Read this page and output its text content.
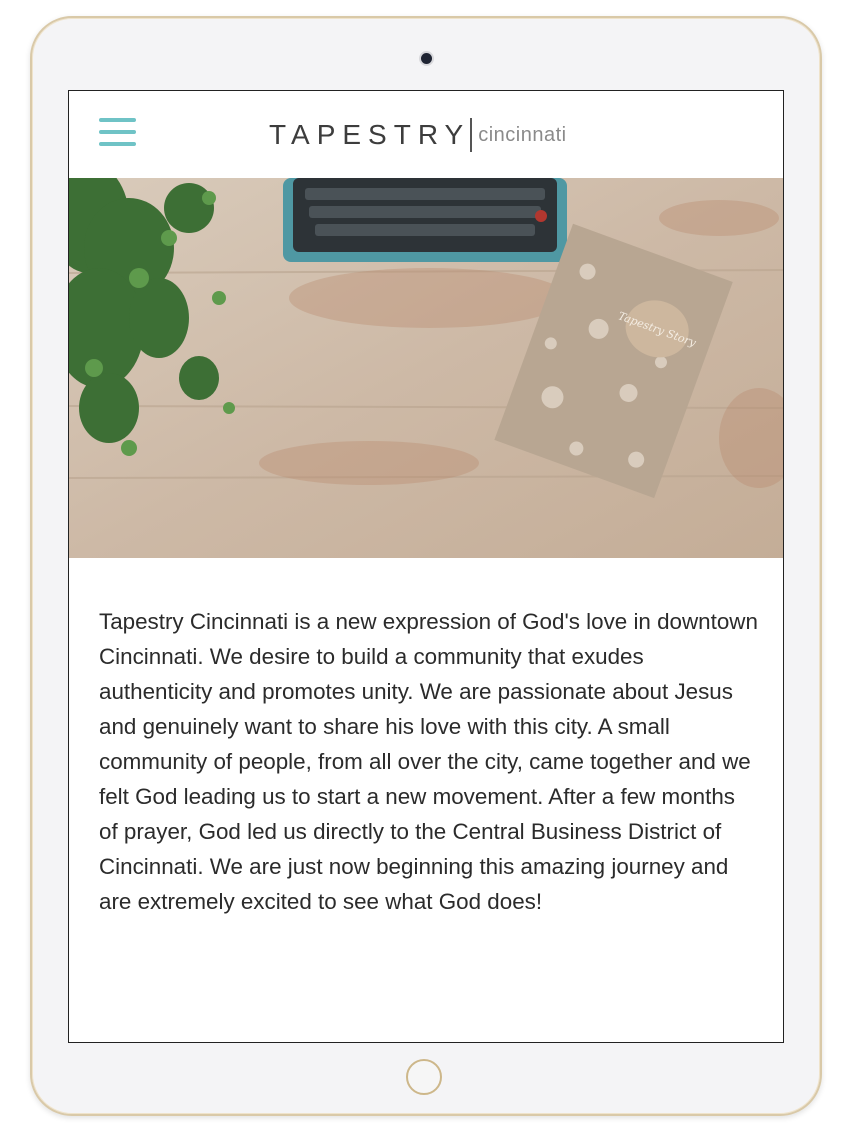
TAPESTRY cincinnati
Tapestry Story

Tapestry Cincinnati is a new expression of God's love in downtown Cincinnati. We desire to build a community that exudes authenticity and promotes unity. We are passionate about Jesus and genuinely want to share his love with this city. A small community of people, from all over the city, came together and we felt God leading us to start a new movement. After a few months of prayer, God led us directly to the Central Business District of Cincinnati. We are just now beginning this amazing journey and are extremely excited to see what God does!
